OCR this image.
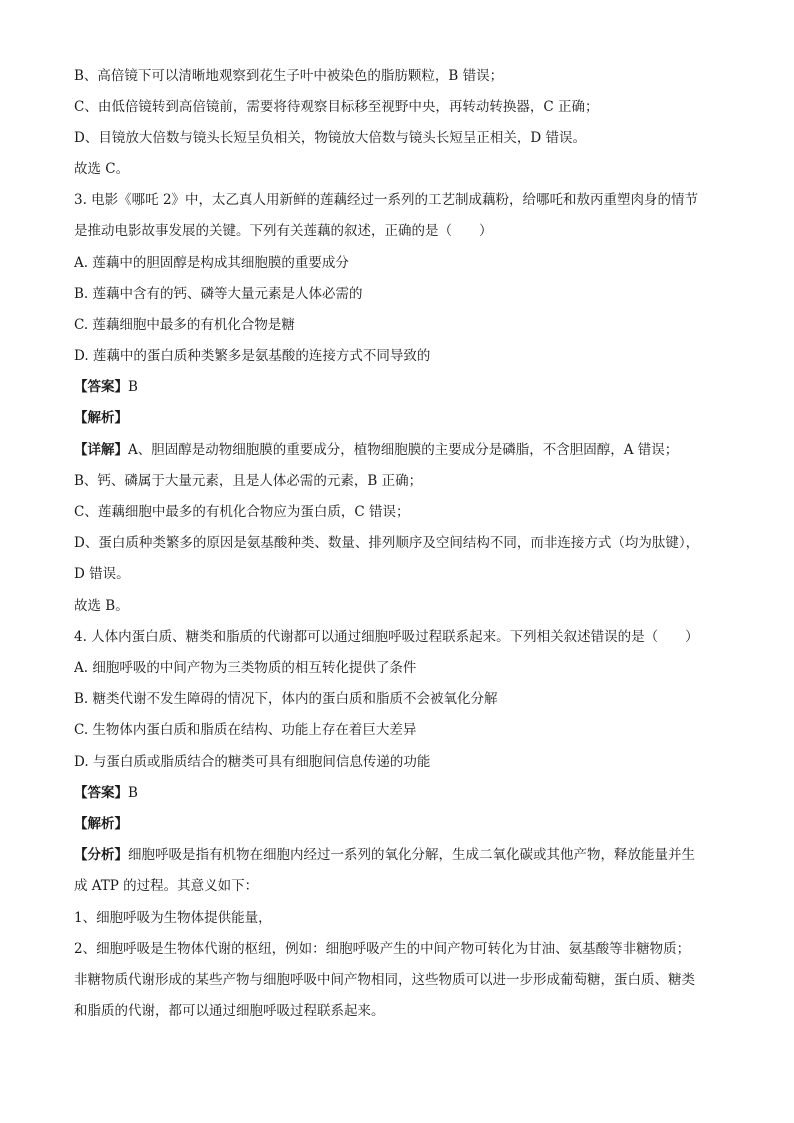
B、高倍镜下可以清晰地观察到花生子叶中被染色的脂肪颗粒，B 错误；
C、由低倍镜转到高倍镜前，需要将待观察目标移至视野中央，再转动转换器，C 正确；
D、目镜放大倍数与镜头长短呈负相关，物镜放大倍数与镜头长短呈正相关，D 错误。
故选 C。
3. 电影《哪吒 2》中，太乙真人用新鲜的莲藕经过一系列的工艺制成藕粉，给哪吒和敖丙重塑肉身的情节
是推动电影故事发展的关键。下列有关莲藕的叙述，正确的是（　　）
A. 莲藕中的胆固醇是构成其细胞膜的重要成分
B. 莲藕中含有的钙、磷等大量元素是人体必需的
C. 莲藕细胞中最多的有机化合物是糖
D. 莲藕中的蛋白质种类繁多是氨基酸的连接方式不同导致的
【答案】B
【解析】
【详解】A、胆固醇是动物细胞膜的重要成分，植物细胞膜的主要成分是磷脂，不含胆固醇，A 错误；
B、钙、磷属于大量元素，且是人体必需的元素，B 正确；
C、莲藕细胞中最多的有机化合物应为蛋白质，C 错误；
D、蛋白质种类繁多的原因是氨基酸种类、数量、排列顺序及空间结构不同，而非连接方式（均为肽键），
D 错误。
故选 B。
4. 人体内蛋白质、糖类和脂质的代谢都可以通过细胞呼吸过程联系起来。下列相关叙述错误的是（　　）
A. 细胞呼吸的中间产物为三类物质的相互转化提供了条件
B. 糖类代谢不发生障碍的情况下，体内的蛋白质和脂质不会被氧化分解
C. 生物体内蛋白质和脂质在结构、功能上存在着巨大差异
D. 与蛋白质或脂质结合的糖类可具有细胞间信息传递的功能
【答案】B
【解析】
【分析】细胞呼吸是指有机物在细胞内经过一系列的氧化分解，生成二氧化碳或其他产物，释放能量并生
成 ATP 的过程。其意义如下：
1、细胞呼吸为生物体提供能量，
2、细胞呼吸是生物体代谢的枢纽，例如：细胞呼吸产生的中间产物可转化为甘油、氨基酸等非糖物质；
非糖物质代谢形成的某些产物与细胞呼吸中间产物相同，这些物质可以进一步形成葡萄糖，蛋白质、糖类
和脂质的代谢，都可以通过细胞呼吸过程联系起来。
